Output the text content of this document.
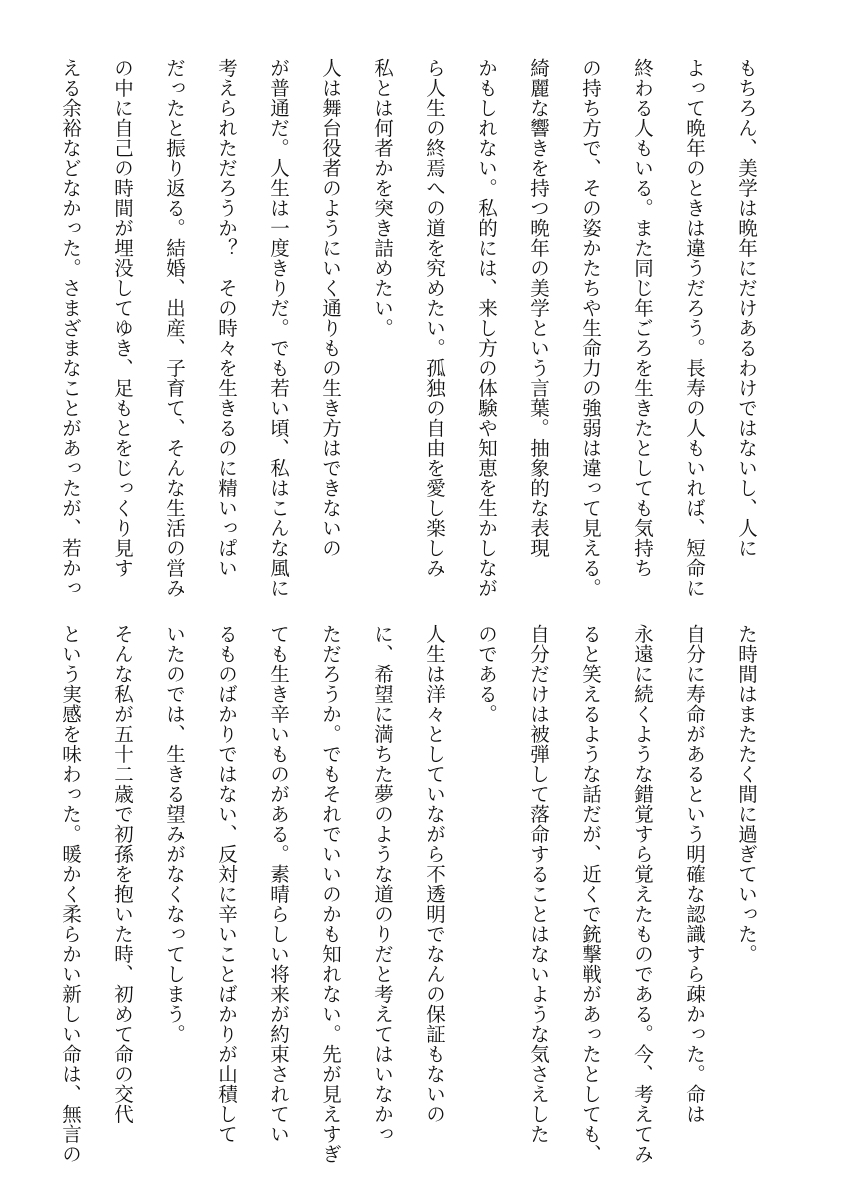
もちろん、美学は晩年にだけあるわけではないし、人に

よって晩年のときは違うだろう。長寿の人もいれば、短命に

終わる人もいる。また同じ年ごろを生きたとしても気持ち

の持ち方で、その姿かたちや生命力の強弱は違って見える。

綺麗な響きを持つ晩年の美学という言葉。抽象的な表現

かもしれない。私的には、来し方の体験や知恵を生かしなが

ら人生の終焉への道を究めたい。孤独の自由を愛し楽しみ

私とは何者かを突き詰めたい。

人は舞台役者のようにいく通りもの生き方はできないの

が普通だ。人生は一度きりだ。でも若い頃、私はこんな風に

考えられただろうか？　その時々を生きるのに精いっぱい

だったと振り返る。結婚、出産、子育て、そんな生活の営み

の中に自己の時間が埋没してゆき、足もとをじっくり見す

える余裕などなかった。さまざまなことがあったが、若かっ

た時間はまたたく間に過ぎていった。

自分に寿命があるという明確な認識すら疎かった。命は

永遠に続くような錯覚すら覚えたものである。今、考えてみ

ると笑えるような話だが、近くで銃撃戦があったとしても、

自分だけは被弾して落命することはないような気さえした

のである。

人生は洋々としていながら不透明でなんの保証もないの

に、希望に満ちた夢のような道のりだと考えてはいなかっ

ただろうか。でもそれでいいのかも知れない。先が見えすぎ

ても生き辛いものがある。素晴らしい将来が約束されてい

るものばかりではない、反対に辛いことばかりが山積して

いたのでは、生きる望みがなくなってしまう。

そんな私が五十二歳で初孫を抱いた時、初めて命の交代

という実感を味わった。暖かく柔らかい新しい命は、無言の
